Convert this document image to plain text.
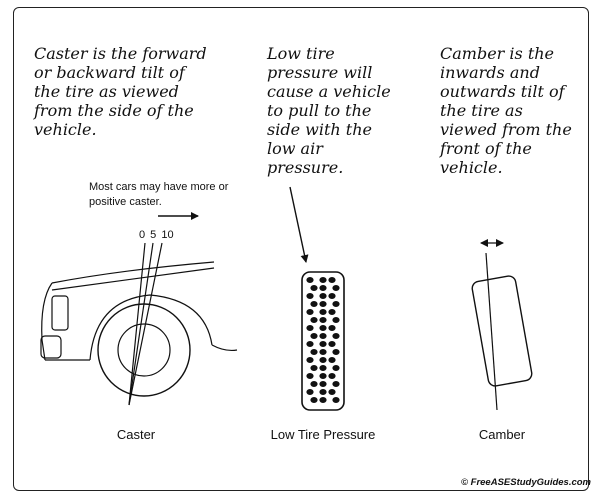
Caster is the forward
or backward tilt of
the tire as viewed
from the side of the
vehicle.

Low tire
pressure will
cause a vehicle
to pull to the
side with the
low air
pressure.

Camber is the
inwards and
outwards tilt of
the tire as
viewed from the
front of the
vehicle.

Most cars may have more or
positive caster.

0 5 10

Caster	Low Tire Pressure	Camber

© FreeASEStudyGuides.com
